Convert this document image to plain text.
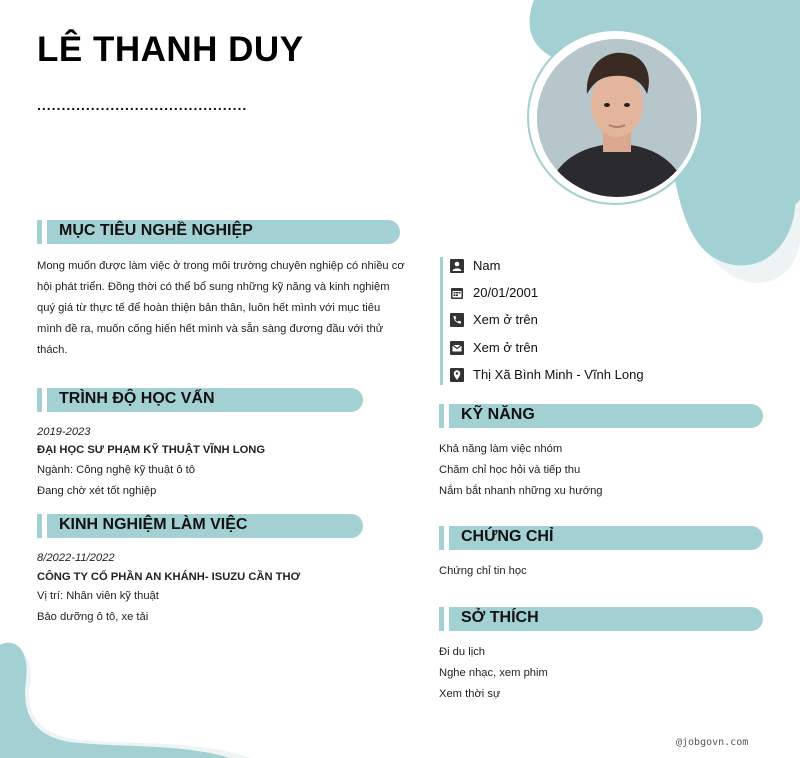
LÊ THANH DUY
...........................................
MỤC TIÊU NGHỀ NGHIỆP
Mong muốn được làm việc ở trong môi trường chuyên nghiệp có nhiều cơ
hội phát triển. Đồng thời có thể bổ sung những kỹ năng và kinh nghiệm
quý giá từ thực tế để hoàn thiện bản thân, luôn hết mình với mục tiêu
mình đề ra, muốn cống hiến hết mình và sẵn sàng đương đầu với thử
thách.
TRÌNH ĐỘ HỌC VẤN
2019-2023
ĐẠI HỌC SƯ PHẠM KỸ THUẬT VĨNH LONG
Ngành: Công nghệ kỹ thuật ô tô
Đang chờ xét tốt nghiệp
KINH NGHIỆM LÀM VIỆC
8/2022-11/2022
CÔNG TY CỔ PHẦN AN KHÁNH- ISUZU CẦN THƠ
Vị trí: Nhân viên kỹ thuật
Bảo dưỡng ô tô, xe tải
Nam
20/01/2001
Xem ở trên
Xem ở trên
Thị Xã Bình Minh - Vĩnh Long
KỸ NĂNG
Khả năng làm việc nhóm
Chăm chỉ học hỏi và tiếp thu
Nắm bắt nhanh những xu hướng
CHỨNG CHỈ
Chứng chỉ tin học
SỞ THÍCH
Đi du lịch
Nghe nhạc, xem phim
Xem thời sự
@jobgovn.com
